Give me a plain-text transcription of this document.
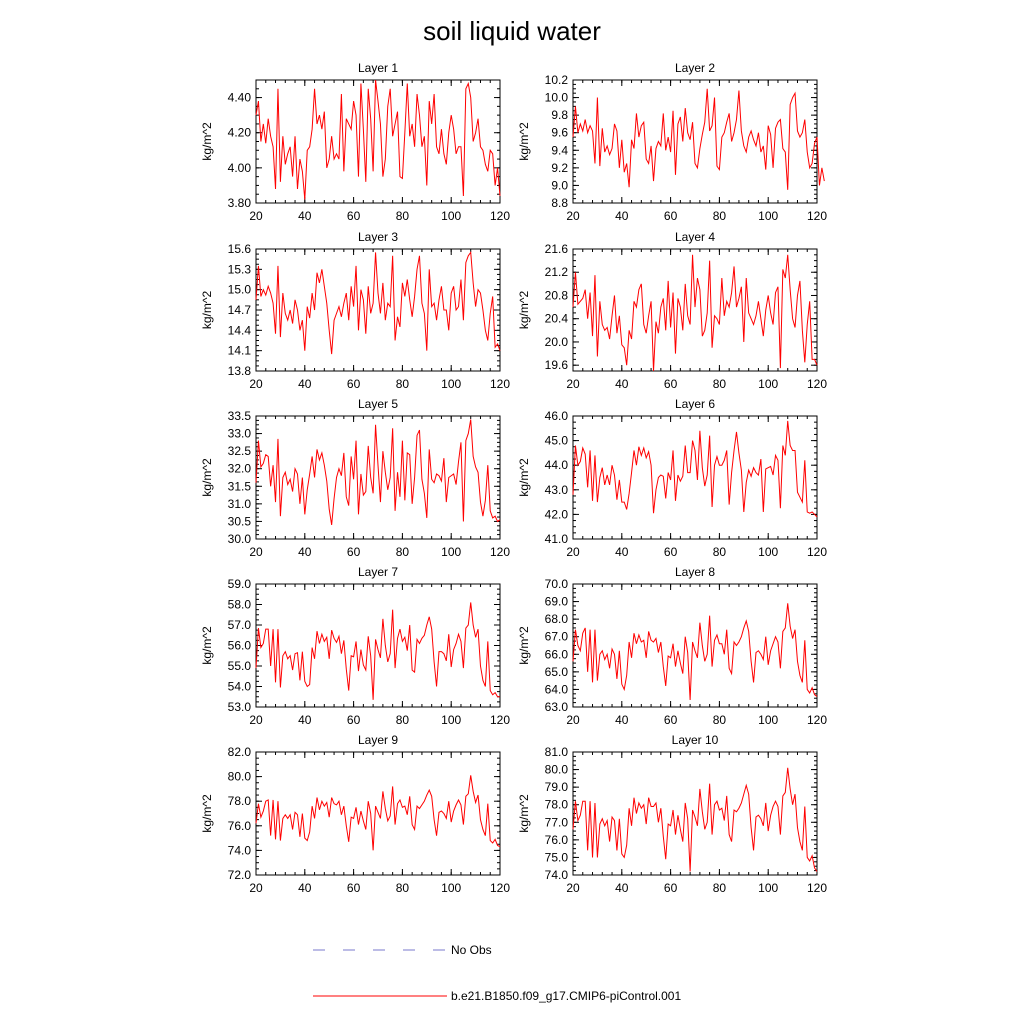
soil liquid water
Layer 1
kg/m^2
20	40	60	80	100 120
3.80
4.00
4.20
4.40
Layer 2
kg/m^2
20	40	60	80	100 120
8.8
9.0
9.2
9.4
9.6
9.8
10.0
10.2
Layer 3
kg/m^2
20	40	60	80	100 120
13.8
14.1
14.4
14.7
15.0
15.3
15.6
Layer 4
kg/m^2
20	40	60	80	100 120
19.6
20.0
20.4
20.8
21.2
21.6
Layer 5
kg/m^2
20	40	60	80	100 120
30.0
30.5
31.0
31.5
32.0
32.5
33.0
33.5
Layer 6
kg/m^2
20	40	60	80	100 120
41.0
42.0
43.0
44.0
45.0
46.0
Layer 7
kg/m^2
20	40	60	80	100 120
53.0
54.0
55.0
56.0
57.0
58.0
59.0
Layer 8
kg/m^2
20	40	60	80	100 120
63.0
64.0
65.0
66.0
67.0
68.0
69.0
70.0
Layer 9
kg/m^2
20	40	60	80	100 120
72.0
74.0
76.0
78.0
80.0
82.0
Layer 10
kg/m^2
20	40	60	80	100 120
74.0
75.0
76.0
77.0
78.0
79.0
80.0
81.0
No Obs
b.e21.B1850.f09_g17.CMIP6-piControl.001
